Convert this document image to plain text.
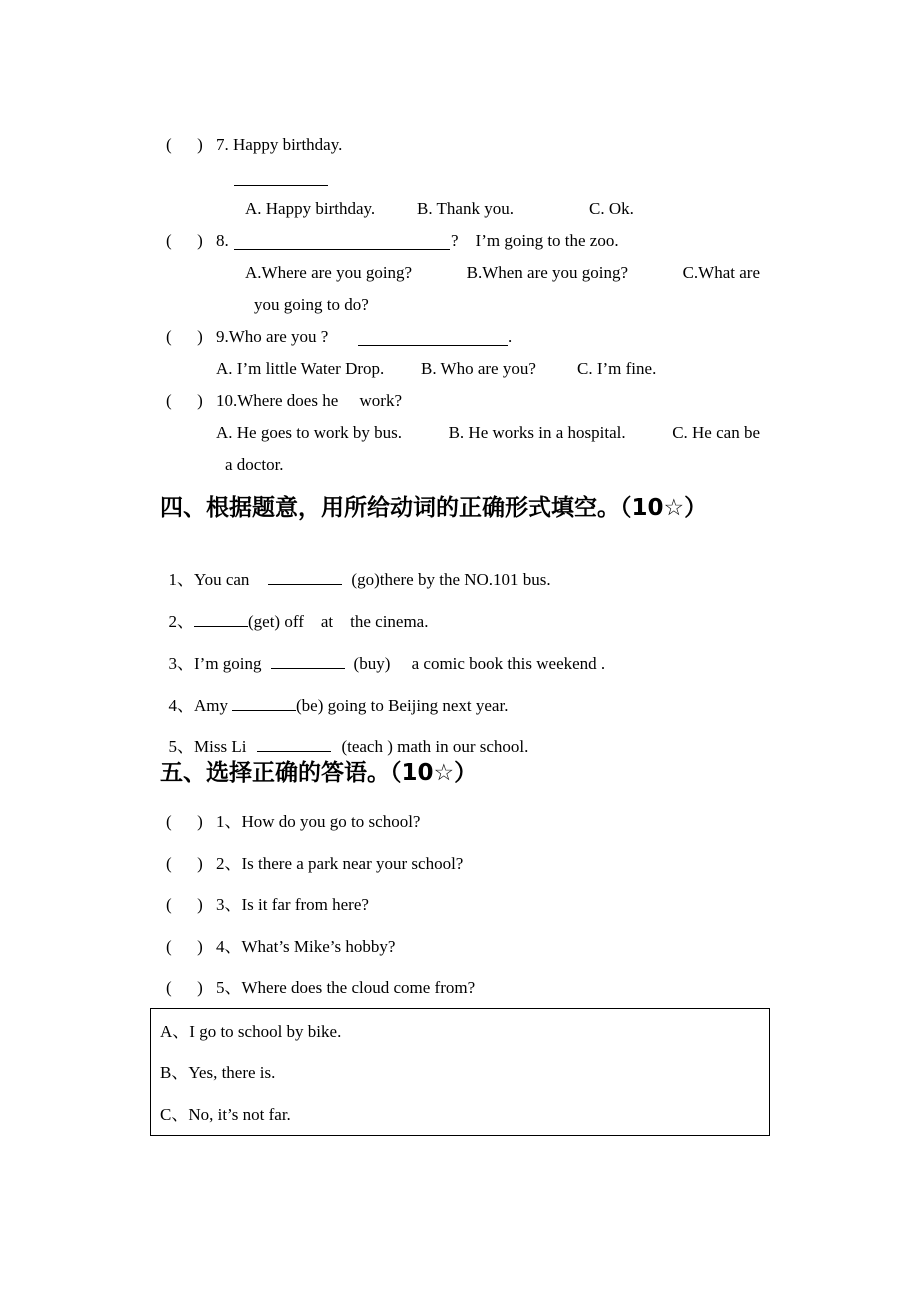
(      ) 7. Happy birthday.
A. Happy birthday. B. Thank you.	C. Ok.
(      ) 8.	?    I’m going to the zoo.
A.Where are you going?	B.When are you going?	C.What are
you going to do?
(      ) 9.Who are you ?	.
A. I’m little Water Drop. B. Who are you? C. I’m fine.
(      ) 10.Where does he     work?
A. He goes to work by bus.	B. He works in a hospital.	C. He can be
a doctor.
四、根据题意，用所给动词的正确形式填空。（10☆）

1、You can	(go)there by the NO.101 bus.

2、	(get) off    at    the cinema.

3、I’m going	(buy)     a comic book this weekend .

4、Amy	(be) going to Beijing next year.

5、Miss Li	(teach ) math in our school.

五、选择正确的答语。（10☆）
(      ) 1、How do you go to school?
(      ) 2、Is there a park near your school?
(      ) 3、Is it far from here?
(      ) 4、What’s Mike’s hobby?
(      ) 5、Where does the cloud come from?
A、I go to school by bike.
B、Yes, there is.
C、No, it’s not far.
